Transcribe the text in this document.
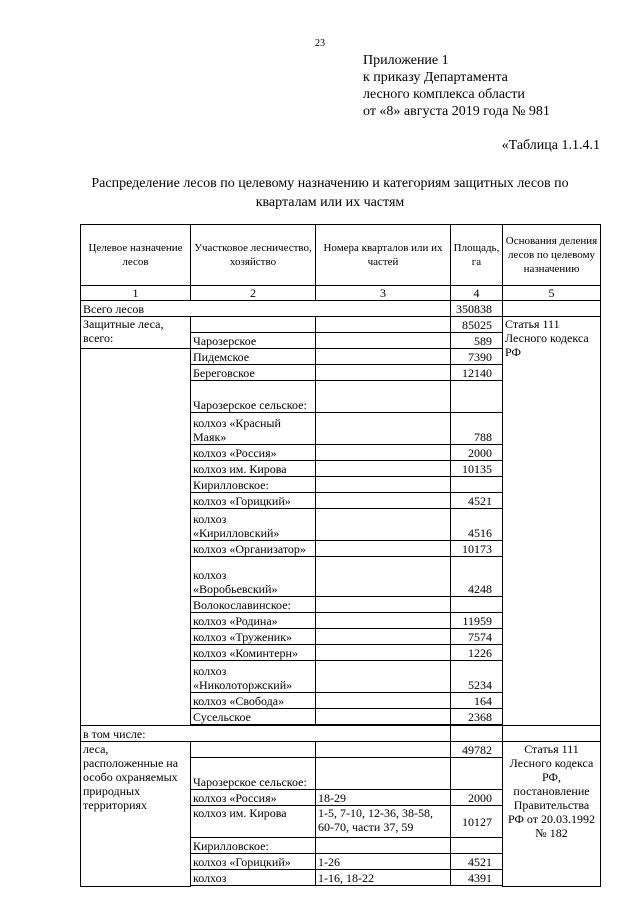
23
Приложение 1
к приказу Департамента
лесного комплекса области
от «8» августа 2019 года № 981
«Таблица 1.1.4.1
Распределение лесов по целевому назначению и категориям защитных лесов по
кварталам или их частям
Целевое назначение лесов	Участковое лесничество, хозяйство	Номера кварталов или их частей	Площадь, га	Основания деления лесов по целевому назначению
1	2	3	4	5
Всего лесов			350838	
Защитные леса, всего:			85025	Статья 111 Лесного кодекса РФ
	Чарозерское		589	
	Пидемское		7390	
	Береговское		12140	
	Чарозерское сельское:			
	колхоз «Красный Маяк»		788	
	колхоз «Россия»		2000	
	колхоз им. Кирова		10135	
	Кирилловское:			
	колхоз «Горицкий»		4521	
	колхоз «Кирилловский»		4516	
	колхоз «Организатор»		10173	
	колхоз «Воробьевский»		4248	
	Волокославинское:			
	колхоз «Родина»		11959	
	колхоз «Труженик»		7574	
	колхоз «Коминтерн»		1226	
	колхоз «Николоторжский»		5234	
	колхоз «Свобода»		164	
	Сусельское		2368	

в том числе:				
леса, расположенные на особо охраняемых природных территориях			49782	Статья 111 Лесного кодекса РФ, постановление Правительства РФ от 20.03.1992 № 182
	Чарозерское сельское:			
	колхоз «Россия»	18-29	2000	
	колхоз им. Кирова	1-5, 7-10, 12-36, 38-58, 60-70, части 37, 59	10127	
	Кирилловское:			
	колхоз «Горицкий»	1-26	4521	
	колхоз	1-16, 18-22	4391	
